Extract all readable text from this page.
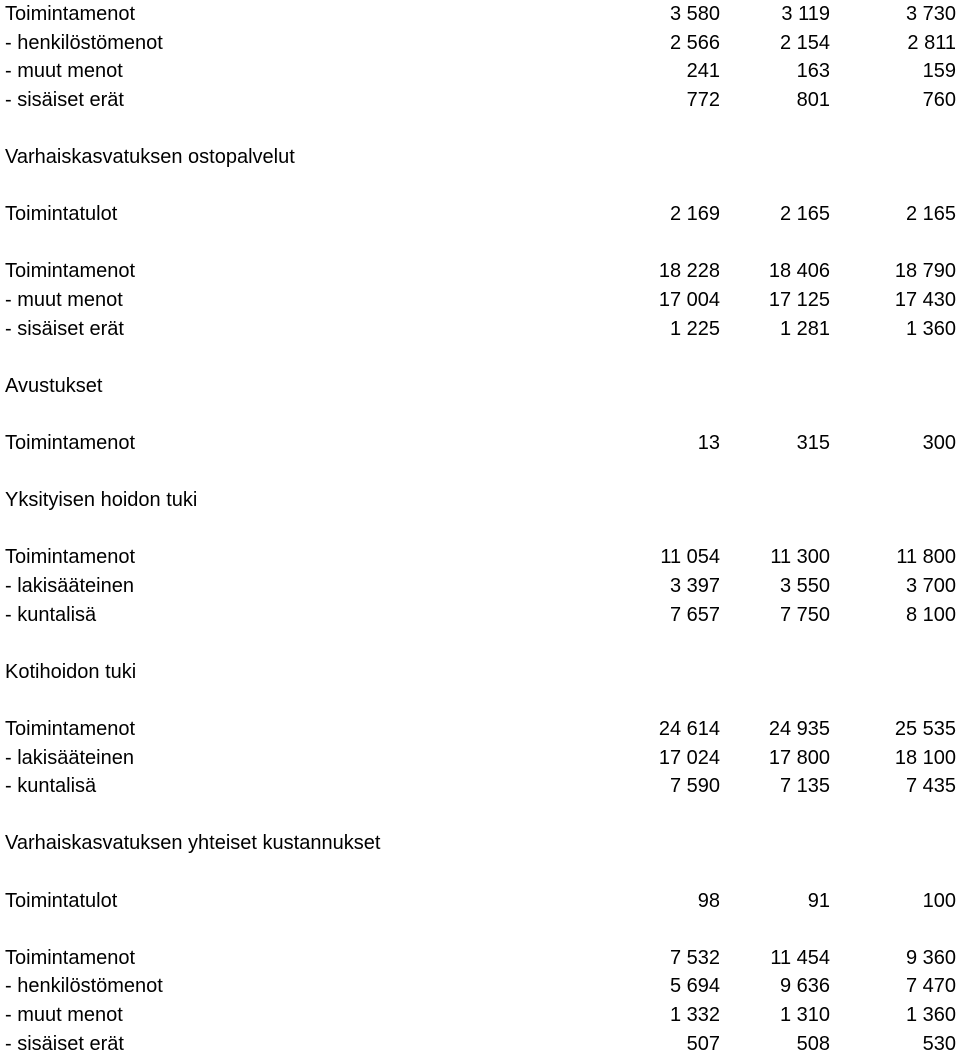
Toimintamenot	3 580	3 119	3 730
- henkilöstömenot	2 566	2 154	2 811
- muut menot	241	163	159
- sisäiset erät	772	801	760
Varhaiskasvatuksen ostopalvelut
Toimintatulot	2 169	2 165	2 165
Toimintamenot	18 228	18 406	18 790
- muut menot	17 004	17 125	17 430
- sisäiset erät	1 225	1 281	1 360
Avustukset
Toimintamenot	13	315	300
Yksityisen hoidon tuki
Toimintamenot	11 054	11 300	11 800
- lakisääteinen	3 397	3 550	3 700
- kuntalisä	7 657	7 750	8 100
Kotihoidon tuki
Toimintamenot	24 614	24 935	25 535
- lakisääteinen	17 024	17 800	18 100
- kuntalisä	7 590	7 135	7 435
Varhaiskasvatuksen yhteiset kustannukset
Toimintatulot	98	91	100
Toimintamenot	7 532	11 454	9 360
- henkilöstömenot	5 694	9 636	7 470
- muut menot	1 332	1 310	1 360
- sisäiset erät	507	508	530
